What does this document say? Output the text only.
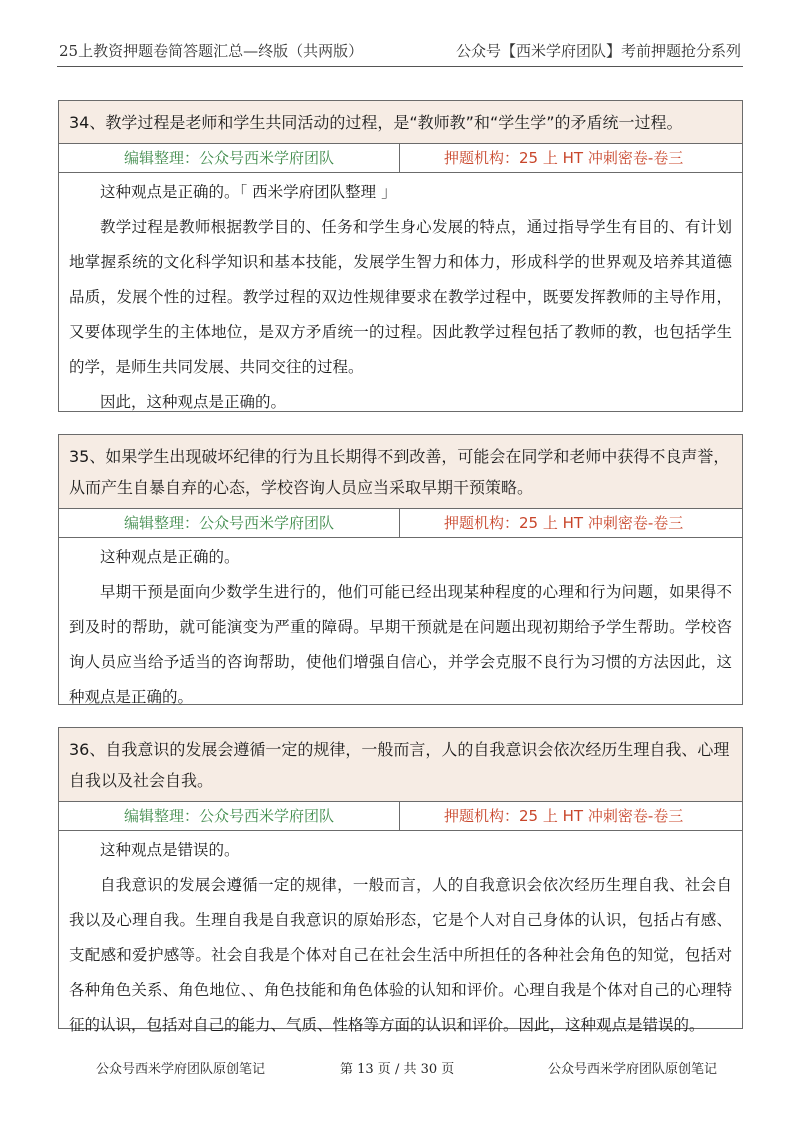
25上教资押题卷简答题汇总—终版（共两版）	公众号【西米学府团队】考前押题抢分系列
34、教学过程是老师和学生共同活动的过程，是“教师教”和“学生学”的矛盾统一过程。
编辑整理：公众号西米学府团队	押题机构：25 上 HT 冲刺密卷-卷三

这种观点是正确的。「 西米学府团队整理 」

教学过程是教师根据教学目的、任务和学生身心发展的特点，通过指导学生有目的、有计划地掌握系统的文化科学知识和基本技能，发展学生智力和体力，形成科学的世界观及培养其道德品质，发展个性的过程。教学过程的双边性规律要求在教学过程中，既要发挥教师的主导作用，又要体现学生的主体地位，是双方矛盾统一的过程。因此教学过程包括了教师的教，也包括学生的学，是师生共同发展、共同交往的过程。

因此，这种观点是正确的。

35、如果学生出现破坏纪律的行为且长期得不到改善，可能会在同学和老师中获得不良声誉，从而产生自暴自弃的心态，学校咨询人员应当采取早期干预策略。
编辑整理：公众号西米学府团队	押题机构：25 上 HT 冲刺密卷-卷三

这种观点是正确的。

早期干预是面向少数学生进行的，他们可能已经出现某种程度的心理和行为问题，如果得不到及时的帮助，就可能演变为严重的障碍。早期干预就是在问题出现初期给予学生帮助。学校咨询人员应当给予适当的咨询帮助，使他们增强自信心，并学会克服不良行为习惯的方法因此，这种观点是正确的。

36、自我意识的发展会遵循一定的规律，一般而言，人的自我意识会依次经历生理自我、心理自我以及社会自我。
编辑整理：公众号西米学府团队	押题机构：25 上 HT 冲刺密卷-卷三

这种观点是错误的。

自我意识的发展会遵循一定的规律，一般而言，人的自我意识会依次经历生理自我、社会自我以及心理自我。生理自我是自我意识的原始形态，它是个人对自己身体的认识，包括占有感、支配感和爱护感等。社会自我是个体对自己在社会生活中所担任的各种社会角色的知觉，包括对各种角色关系、角色地位、、角色技能和角色体验的认知和评价。心理自我是个体对自己的心理特征的认识，包括对自己的能力、气质、性格等方面的认识和评价。因此，这种观点是错误的。

公众号西米学府团队原创笔记	第 13 页 / 共 30 页	公众号西米学府团队原创笔记
